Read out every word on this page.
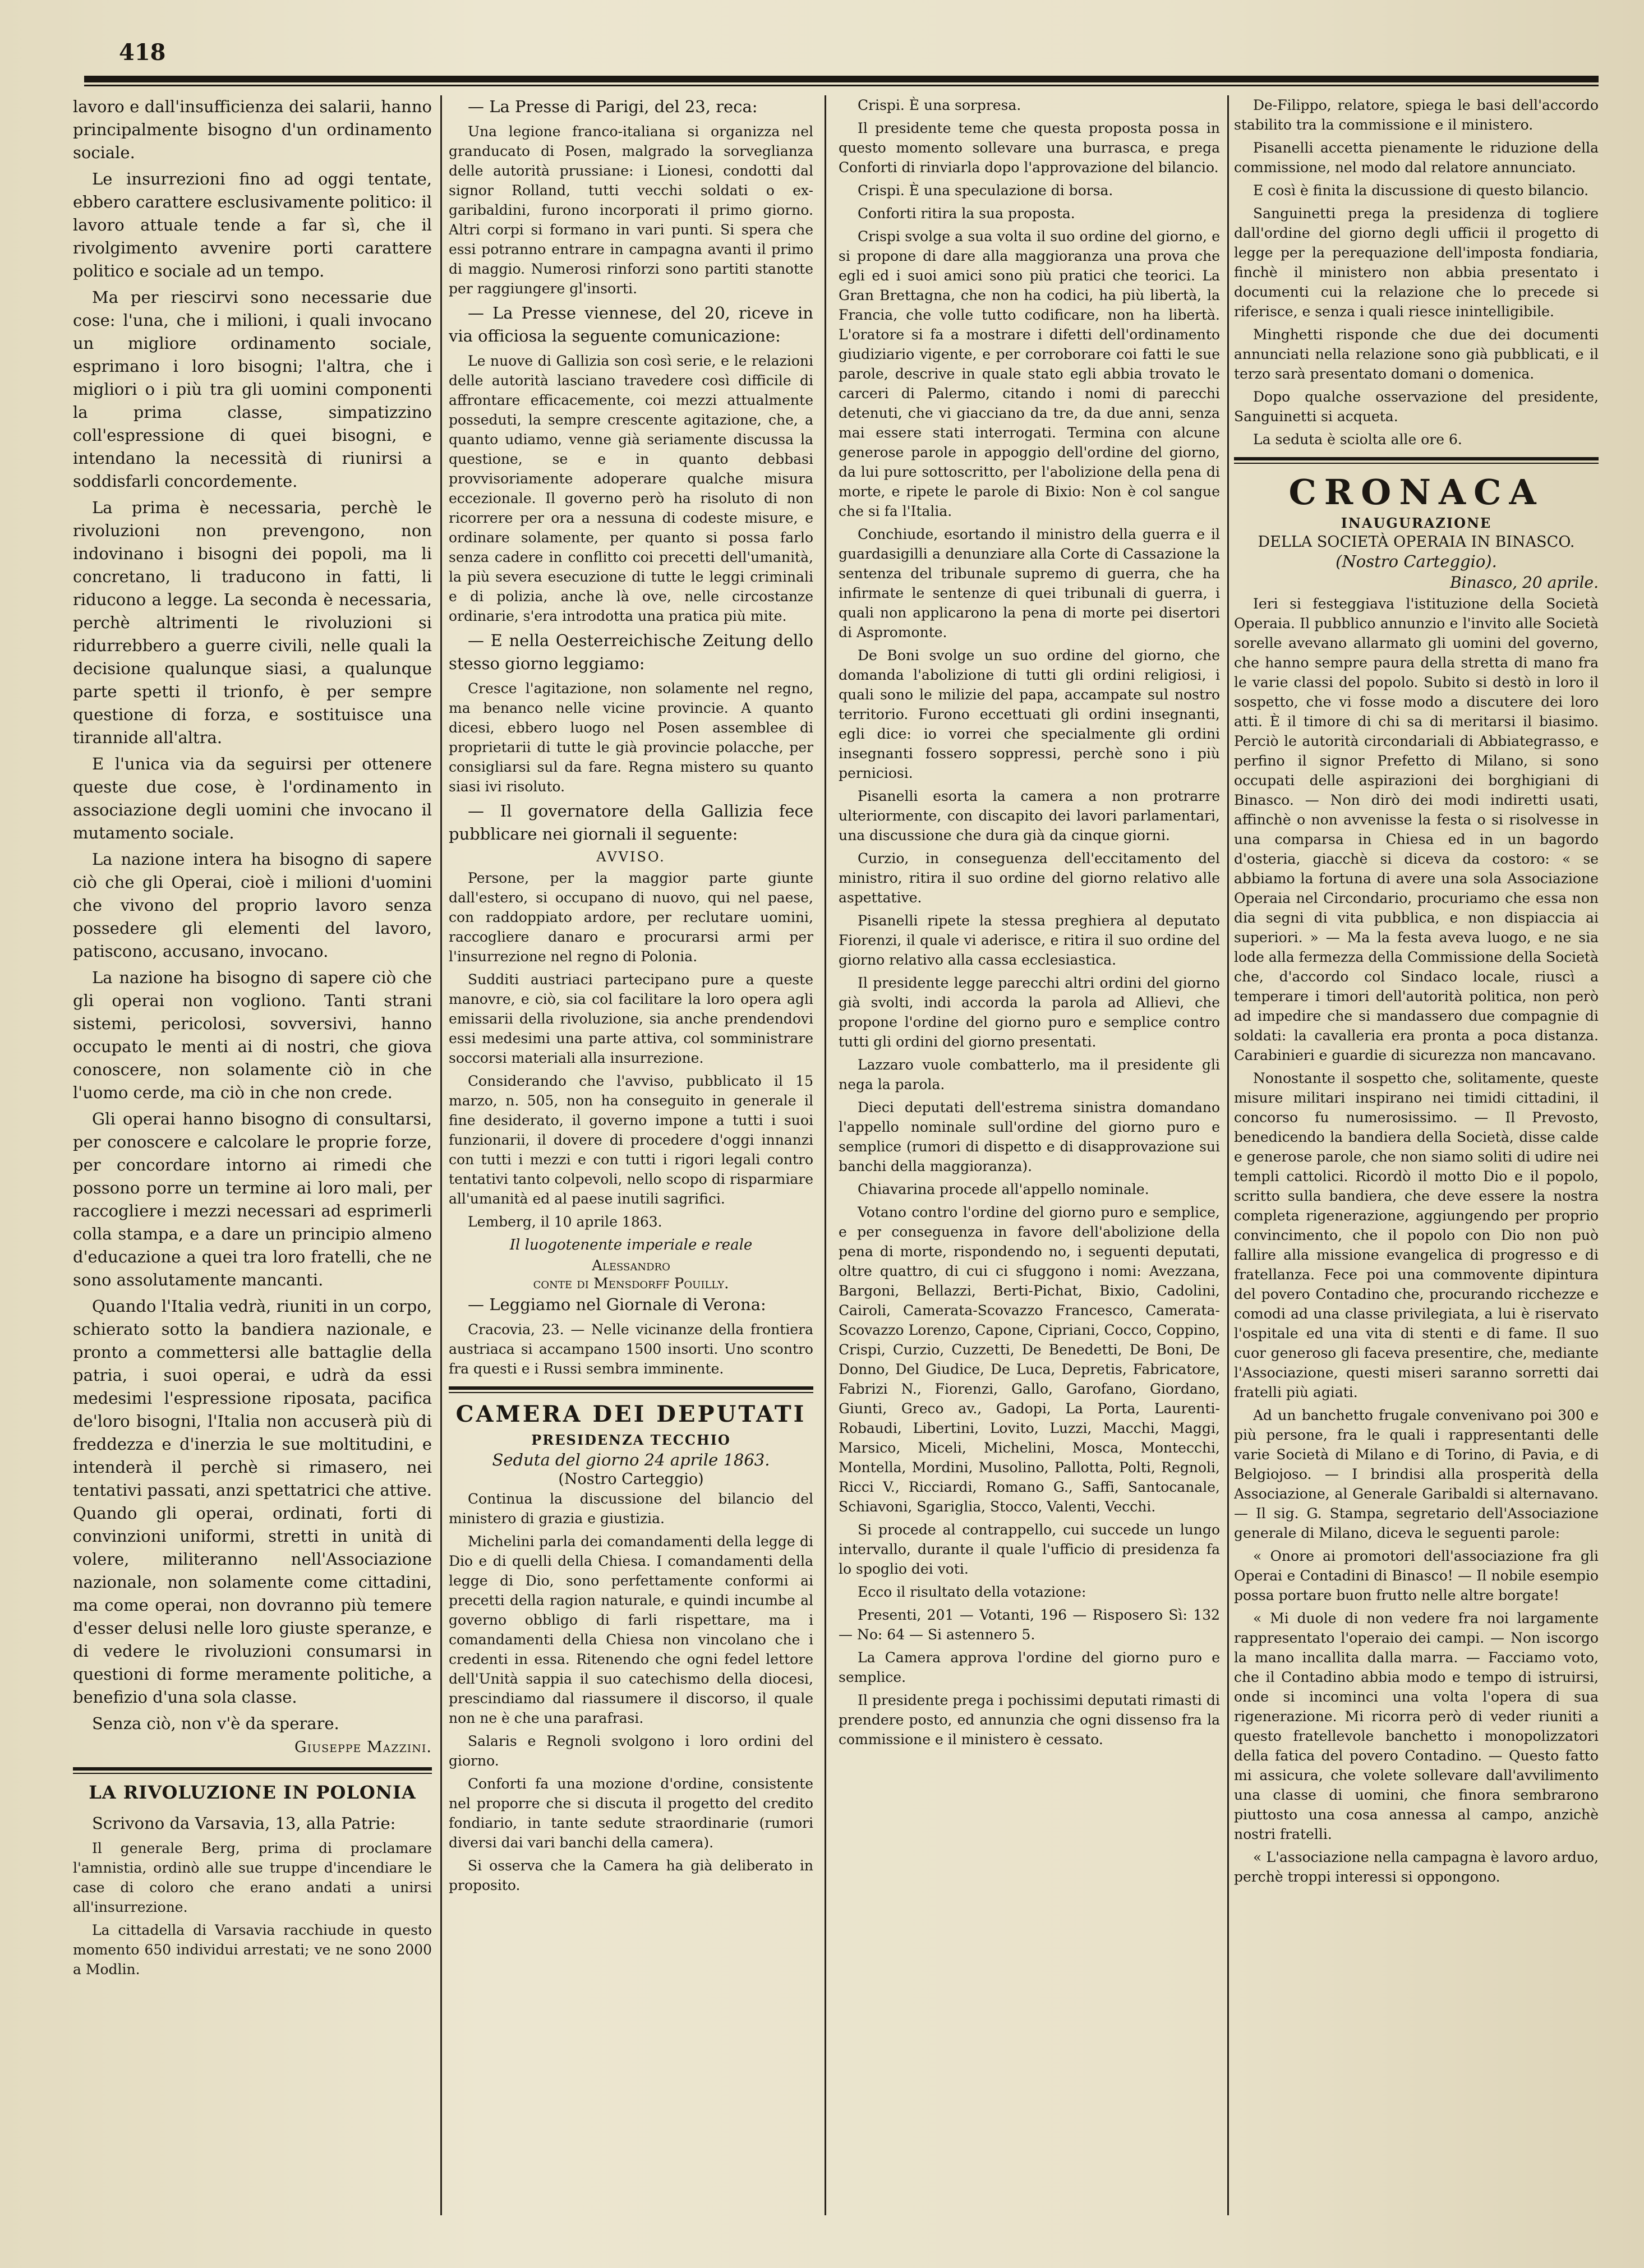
418

lavoro e dall'insufficienza dei salarii, hanno principalmente bisogno d'un ordinamento sociale.

Le insurrezioni fino ad oggi tentate, ebbero carattere esclusivamente politico: il lavoro attuale tende a far sì, che il rivolgimento avvenire porti carattere politico e sociale ad un tempo.

Ma per riescirvi sono necessarie due cose: l'una, che i milioni, i quali invocano un migliore ordinamento sociale, esprimano i loro bisogni; l'altra, che i migliori o i più tra gli uomini componenti la prima classe, simpatizzino coll'espressione di quei bisogni, e intendano la necessità di riunirsi a soddisfarli concordemente.

La prima è necessaria, perchè le rivoluzioni non prevengono, non indovinano i bisogni dei popoli, ma li concretano, li traducono in fatti, li riducono a legge. La seconda è necessaria, perchè altrimenti le rivoluzioni si ridurrebbero a guerre civili, nelle quali la decisione qualunque siasi, a qualunque parte spetti il trionfo, è per sempre questione di forza, e sostituisce una tirannide all'altra.

E l'unica via da seguirsi per ottenere queste due cose, è l'ordinamento in associazione degli uomini che invocano il mutamento sociale.

La nazione intera ha bisogno di sapere ciò che gli Operai, cioè i milioni d'uomini che vivono del proprio lavoro senza possedere gli elementi del lavoro, patiscono, accusano, invocano.

La nazione ha bisogno di sapere ciò che gli operai non vogliono. Tanti strani sistemi, pericolosi, sovversivi, hanno occupato le menti ai di nostri, che giova conoscere, non solamente ciò in che l'uomo cerde, ma ciò in che non crede.

Gli operai hanno bisogno di consultarsi, per conoscere e calcolare le proprie forze, per concordare intorno ai rimedi che possono porre un termine ai loro mali, per raccogliere i mezzi necessari ad esprimerli colla stampa, e a dare un principio almeno d'educazione a quei tra loro fratelli, che ne sono assolutamente mancanti.

Quando l'Italia vedrà, riuniti in un corpo, schierato sotto la bandiera nazionale, e pronto a commettersi alle battaglie della patria, i suoi operai, e udrà da essi medesimi l'espressione riposata, pacifica de'loro bisogni, l'Italia non accuserà più di freddezza e d'inerzia le sue moltitudini, e intenderà il perchè si rimasero, nei tentativi passati, anzi spettatrici che attive. Quando gli operai, ordinati, forti di convinzioni uniformi, stretti in unità di volere, militeranno nell'Associazione nazionale, non solamente come cittadini, ma come operai, non dovranno più temere d'esser delusi nelle loro giuste speranze, e di vedere le rivoluzioni consumarsi in questioni di forme meramente politiche, a benefizio d'una sola classe.

Senza ciò, non v'è da sperare.

Giuseppe Mazzini.
LA RIVOLUZIONE IN POLONIA

Scrivono da Varsavia, 13, alla Patrie:

Il generale Berg, prima di proclamare l'amnistia, ordinò alle sue truppe d'incendiare le case di coloro che erano andati a unirsi all'insurrezione.

La cittadella di Varsavia racchiude in questo momento 650 individui arrestati; ve ne sono 2000 a Modlin.

— La Presse di Parigi, del 23, reca:

Una legione franco-italiana si organizza nel granducato di Posen, malgrado la sorveglianza delle autorità prussiane: i Lionesi, condotti dal signor Rolland, tutti vecchi soldati o ex-garibaldini, furono incorporati il primo giorno. Altri corpi si formano in vari punti. Si spera che essi potranno entrare in campagna avanti il primo di maggio. Numerosi rinforzi sono partiti stanotte per raggiungere gl'insorti.

— La Presse viennese, del 20, riceve in via officiosa la seguente comunicazione:

Le nuove di Gallizia son così serie, e le relazioni delle autorità lasciano travedere così difficile di affrontare efficacemente, coi mezzi attualmente posseduti, la sempre crescente agitazione, che, a quanto udiamo, venne già seriamente discussa la questione, se e in quanto debbasi provvisoriamente adoperare qualche misura eccezionale. Il governo però ha risoluto di non ricorrere per ora a nessuna di codeste misure, e ordinare solamente, per quanto si possa farlo senza cadere in conflitto coi precetti dell'umanità, la più severa esecuzione di tutte le leggi criminali e di polizia, anche là ove, nelle circostanze ordinarie, s'era introdotta una pratica più mite.

— E nella Oesterreichische Zeitung dello stesso giorno leggiamo:

Cresce l'agitazione, non solamente nel regno, ma benanco nelle vicine provincie. A quanto dicesi, ebbero luogo nel Posen assemblee di proprietarii di tutte le già provincie polacche, per consigliarsi sul da fare. Regna mistero su quanto siasi ivi risoluto.

— Il governatore della Gallizia fece pubblicare nei giornali il seguente:

AVVISO.

Persone, per la maggior parte giunte dall'estero, si occupano di nuovo, qui nel paese, con raddoppiato ardore, per reclutare uomini, raccogliere danaro e procurarsi armi per l'insurrezione nel regno di Polonia.

Sudditi austriaci partecipano pure a queste manovre, e ciò, sia col facilitare la loro opera agli emissarii della rivoluzione, sia anche prendendovi essi medesimi una parte attiva, col somministrare soccorsi materiali alla insurrezione.

Considerando che l'avviso, pubblicato il 15 marzo, n. 505, non ha conseguito in generale il fine desiderato, il governo impone a tutti i suoi funzionarii, il dovere di procedere d'oggi innanzi con tutti i mezzi e con tutti i rigori legali contro tentativi tanto colpevoli, nello scopo di risparmiare all'umanità ed al paese inutili sagrifici.

Lemberg, il 10 aprile 1863.

Il luogotenente imperiale e reale
Alessandro
conte di Mensdorff Pouilly.

— Leggiamo nel Giornale di Verona:

Cracovia, 23. — Nelle vicinanze della frontiera austriaca si accampano 1500 insorti. Uno scontro fra questi e i Russi sembra imminente.

CAMERA DEI DEPUTATI
PRESIDENZA TECCHIO
Seduta del giorno 24 aprile 1863.
(Nostro Carteggio)

Continua la discussione del bilancio del ministero di grazia e giustizia.

Michelini parla dei comandamenti della legge di Dio e di quelli della Chiesa. I comandamenti della legge di Dio, sono perfettamente conformi ai precetti della ragion naturale, e quindi incumbe al governo obbligo di farli rispettare, ma i comandamenti della Chiesa non vincolano che i credenti in essa. Ritenendo che ogni fedel lettore dell'Unità sappia il suo catechismo della diocesi, prescindiamo dal riassumere il discorso, il quale non ne è che una parafrasi.

Salaris e Regnoli svolgono i loro ordini del giorno.

Conforti fa una mozione d'ordine, consistente nel proporre che si discuta il progetto del credito fondiario, in tante sedute straordinarie (rumori diversi dai vari banchi della camera).

Si osserva che la Camera ha già deliberato in proposito.

Crispi. È una sorpresa.

Il presidente teme che questa proposta possa in questo momento sollevare una burrasca, e prega Conforti di rinviarla dopo l'approvazione del bilancio.

Crispi. È una speculazione di borsa.

Conforti ritira la sua proposta.

Crispi svolge a sua volta il suo ordine del giorno, e si propone di dare alla maggioranza una prova che egli ed i suoi amici sono più pratici che teorici. La Gran Brettagna, che non ha codici, ha più libertà, la Francia, che volle tutto codificare, non ha libertà. L'oratore si fa a mostrare i difetti dell'ordinamento giudiziario vigente, e per corroborare coi fatti le sue parole, descrive in quale stato egli abbia trovato le carceri di Palermo, citando i nomi di parecchi detenuti, che vi giacciano da tre, da due anni, senza mai essere stati interrogati. Termina con alcune generose parole in appoggio dell'ordine del giorno, da lui pure sottoscritto, per l'abolizione della pena di morte, e ripete le parole di Bixio: Non è col sangue che si fa l'Italia.

Conchiude, esortando il ministro della guerra e il guardasigilli a denunziare alla Corte di Cassazione la sentenza del tribunale supremo di guerra, che ha infirmate le sentenze di quei tribunali di guerra, i quali non applicarono la pena di morte pei disertori di Aspromonte.

De Boni svolge un suo ordine del giorno, che domanda l'abolizione di tutti gli ordini religiosi, i quali sono le milizie del papa, accampate sul nostro territorio. Furono eccettuati gli ordini insegnanti, egli dice: io vorrei che specialmente gli ordini insegnanti fossero soppressi, perchè sono i più perniciosi.

Pisanelli esorta la camera a non protrarre ulteriormente, con discapito dei lavori parlamentari, una discussione che dura già da cinque giorni.

Curzio, in conseguenza dell'eccitamento del ministro, ritira il suo ordine del giorno relativo alle aspettative.

Pisanelli ripete la stessa preghiera al deputato Fiorenzi, il quale vi aderisce, e ritira il suo ordine del giorno relativo alla cassa ecclesiastica.

Il presidente legge parecchi altri ordini del giorno già svolti, indi accorda la parola ad Allievi, che propone l'ordine del giorno puro e semplice contro tutti gli ordini del giorno presentati.

Lazzaro vuole combatterlo, ma il presidente gli nega la parola.

Dieci deputati dell'estrema sinistra domandano l'appello nominale sull'ordine del giorno puro e semplice (rumori di dispetto e di disapprovazione sui banchi della maggioranza).

Chiavarina procede all'appello nominale.

Votano contro l'ordine del giorno puro e semplice, e per conseguenza in favore dell'abolizione della pena di morte, rispondendo no, i seguenti deputati, oltre quattro, di cui ci sfuggono i nomi: Avezzana, Bargoni, Bellazzi, Berti-Pichat, Bixio, Cadolini, Cairoli, Camerata-Scovazzo Francesco, Camerata-Scovazzo Lorenzo, Capone, Cipriani, Cocco, Coppino, Crispi, Curzio, Cuzzetti, De Benedetti, De Boni, De Donno, Del Giudice, De Luca, Depretis, Fabricatore, Fabrizi N., Fiorenzi, Gallo, Garofano, Giordano, Giunti, Greco av., Gadopi, La Porta, Laurenti-Robaudi, Libertini, Lovito, Luzzi, Macchi, Maggi, Marsico, Miceli, Michelini, Mosca, Montecchi, Montella, Mordini, Musolino, Pallotta, Polti, Regnoli, Ricci V., Ricciardi, Romano G., Saffi, Santocanale, Schiavoni, Sgariglia, Stocco, Valenti, Vecchi.

Si procede al contrappello, cui succede un lungo intervallo, durante il quale l'ufficio di presidenza fa lo spoglio dei voti.

Ecco il risultato della votazione:

Presenti, 201 — Votanti, 196 — Risposero Sì: 132 — No: 64 — Si astennero 5.

La Camera approva l'ordine del giorno puro e semplice.

Il presidente prega i pochissimi deputati rimasti di prendere posto, ed annunzia che ogni dissenso fra la commissione e il ministero è cessato.

De-Filippo, relatore, spiega le basi dell'accordo stabilito tra la commissione e il ministero.

Pisanelli accetta pienamente le riduzione della commissione, nel modo dal relatore annunciato.

E così è finita la discussione di questo bilancio.

Sanguinetti prega la presidenza di togliere dall'ordine del giorno degli ufficii il progetto di legge per la perequazione dell'imposta fondiaria, finchè il ministero non abbia presentato i documenti cui la relazione che lo precede si riferisce, e senza i quali riesce inintelligibile.

Minghetti risponde che due dei documenti annunciati nella relazione sono già pubblicati, e il terzo sarà presentato domani o domenica.

Dopo qualche osservazione del presidente, Sanguinetti si acqueta.

La seduta è sciolta alle ore 6.

CRONACA
INAUGURAZIONE
DELLA SOCIETÀ OPERAIA IN BINASCO.
(Nostro Carteggio).
Binasco, 20 aprile.

Ieri si festeggiava l'istituzione della Società Operaia. Il pubblico annunzio e l'invito alle Società sorelle avevano allarmato gli uomini del governo, che hanno sempre paura della stretta di mano fra le varie classi del popolo. Subito si destò in loro il sospetto, che vi fosse modo a discutere dei loro atti. È il timore di chi sa di meritarsi il biasimo. Perciò le autorità circondariali di Abbiategrasso, e perfino il signor Prefetto di Milano, si sono occupati delle aspirazioni dei borghigiani di Binasco. — Non dirò dei modi indiretti usati, affinchè o non avvenisse la festa o si risolvesse in una comparsa in Chiesa ed in un bagordo d'osteria, giacchè si diceva da costoro: « se abbiamo la fortuna di avere una sola Associazione Operaia nel Circondario, procuriamo che essa non dia segni di vita pubblica, e non dispiaccia ai superiori. » — Ma la festa aveva luogo, e ne sia lode alla fermezza della Commissione della Società che, d'accordo col Sindaco locale, riuscì a temperare i timori dell'autorità politica, non però ad impedire che si mandassero due compagnie di soldati: la cavalleria era pronta a poca distanza. Carabinieri e guardie di sicurezza non mancavano.

Nonostante il sospetto che, solitamente, queste misure militari inspirano nei timidi cittadini, il concorso fu numerosissimo. — Il Prevosto, benedicendo la bandiera della Società, disse calde e generose parole, che non siamo soliti di udire nei templi cattolici. Ricordò il motto Dio e il popolo, scritto sulla bandiera, che deve essere la nostra completa rigenerazione, aggiungendo per proprio convincimento, che il popolo con Dio non può fallire alla missione evangelica di progresso e di fratellanza. Fece poi una commovente dipintura del povero Contadino che, procurando ricchezze e comodi ad una classe privilegiata, a lui è riservato l'ospitale ed una vita di stenti e di fame. Il suo cuor generoso gli faceva presentire, che, mediante l'Associazione, questi miseri saranno sorretti dai fratelli più agiati.

Ad un banchetto frugale convenivano poi 300 e più persone, fra le quali i rappresentanti delle varie Società di Milano e di Torino, di Pavia, e di Belgiojoso. — I brindisi alla prosperità della Associazione, al Generale Garibaldi si alternavano. — Il sig. G. Stampa, segretario dell'Associazione generale di Milano, diceva le seguenti parole:

« Onore ai promotori dell'associazione fra gli Operai e Contadini di Binasco! — Il nobile esempio possa portare buon frutto nelle altre borgate!

« Mi duole di non vedere fra noi largamente rappresentato l'operaio dei campi. — Non iscorgo la mano incallita dalla marra. — Facciamo voto, che il Contadino abbia modo e tempo di istruirsi, onde si incominci una volta l'opera di sua rigenerazione. Mi ricorra però di veder riuniti a questo fratellevole banchetto i monopolizzatori della fatica del povero Contadino. — Questo fatto mi assicura, che volete sollevare dall'avvilimento una classe di uomini, che finora sembrarono piuttosto una cosa annessa al campo, anzichè nostri fratelli.

« L'associazione nella campagna è lavoro arduo, perchè troppi interessi si oppongono.
